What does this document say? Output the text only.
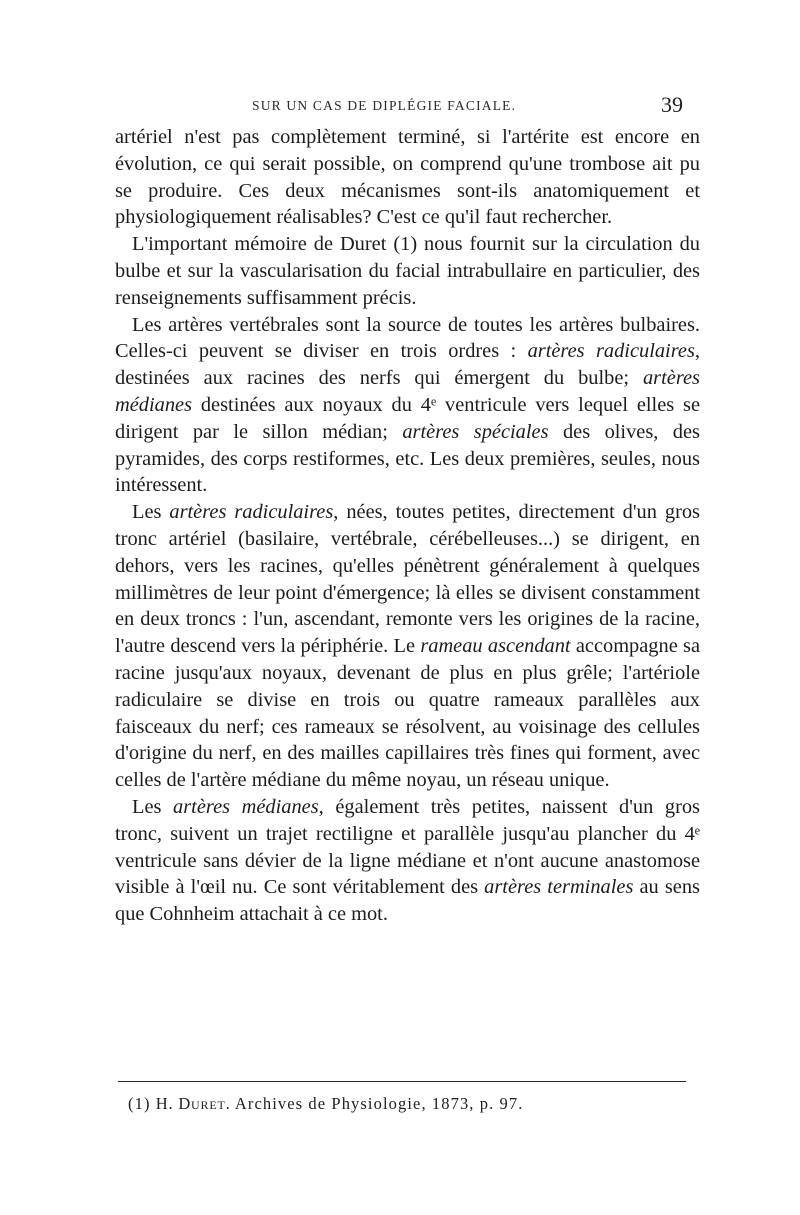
SUR UN CAS DE DIPLÉGIE FACIALE.	39

artériel n'est pas complètement terminé, si l'artérite est encore en évolution, ce qui serait possible, on comprend qu'une trombose ait pu se produire. Ces deux mécanismes sont-ils anatomiquement et physiologiquement réalisables? C'est ce qu'il faut rechercher.

L'important mémoire de Duret (1) nous fournit sur la circulation du bulbe et sur la vascularisation du facial intrabullaire en particulier, des renseignements suffisamment précis.

Les artères vertébrales sont la source de toutes les artères bulbaires. Celles-ci peuvent se diviser en trois ordres : artères radiculaires, destinées aux racines des nerfs qui émergent du bulbe; artères médianes destinées aux noyaux du 4ᵉ ventricule vers lequel elles se dirigent par le sillon médian; artères spéciales des olives, des pyramides, des corps restiformes, etc. Les deux premières, seules, nous intéressent.

Les artères radiculaires, nées, toutes petites, directement d'un gros tronc artériel (basilaire, vertébrale, cérébelleuses...) se dirigent, en dehors, vers les racines, qu'elles pénètrent généralement à quelques millimètres de leur point d'émergence; là elles se divisent constamment en deux troncs : l'un, ascendant, remonte vers les origines de la racine, l'autre descend vers la périphérie. Le rameau ascendant accompagne sa racine jusqu'aux noyaux, devenant de plus en plus grêle; l'artériole radiculaire se divise en trois ou quatre rameaux parallèles aux faisceaux du nerf; ces rameaux se résolvent, au voisinage des cellules d'origine du nerf, en des mailles capillaires très fines qui forment, avec celles de l'artère médiane du même noyau, un réseau unique.

Les artères médianes, également très petites, naissent d'un gros tronc, suivent un trajet rectiligne et parallèle jusqu'au plancher du 4ᵉ ventricule sans dévier de la ligne médiane et n'ont aucune anastomose visible à l'œil nu. Ce sont véritablement des artères terminales au sens que Cohnheim attachait à ce mot.

(1) H. Duret. Archives de Physiologie, 1873, p. 97.
